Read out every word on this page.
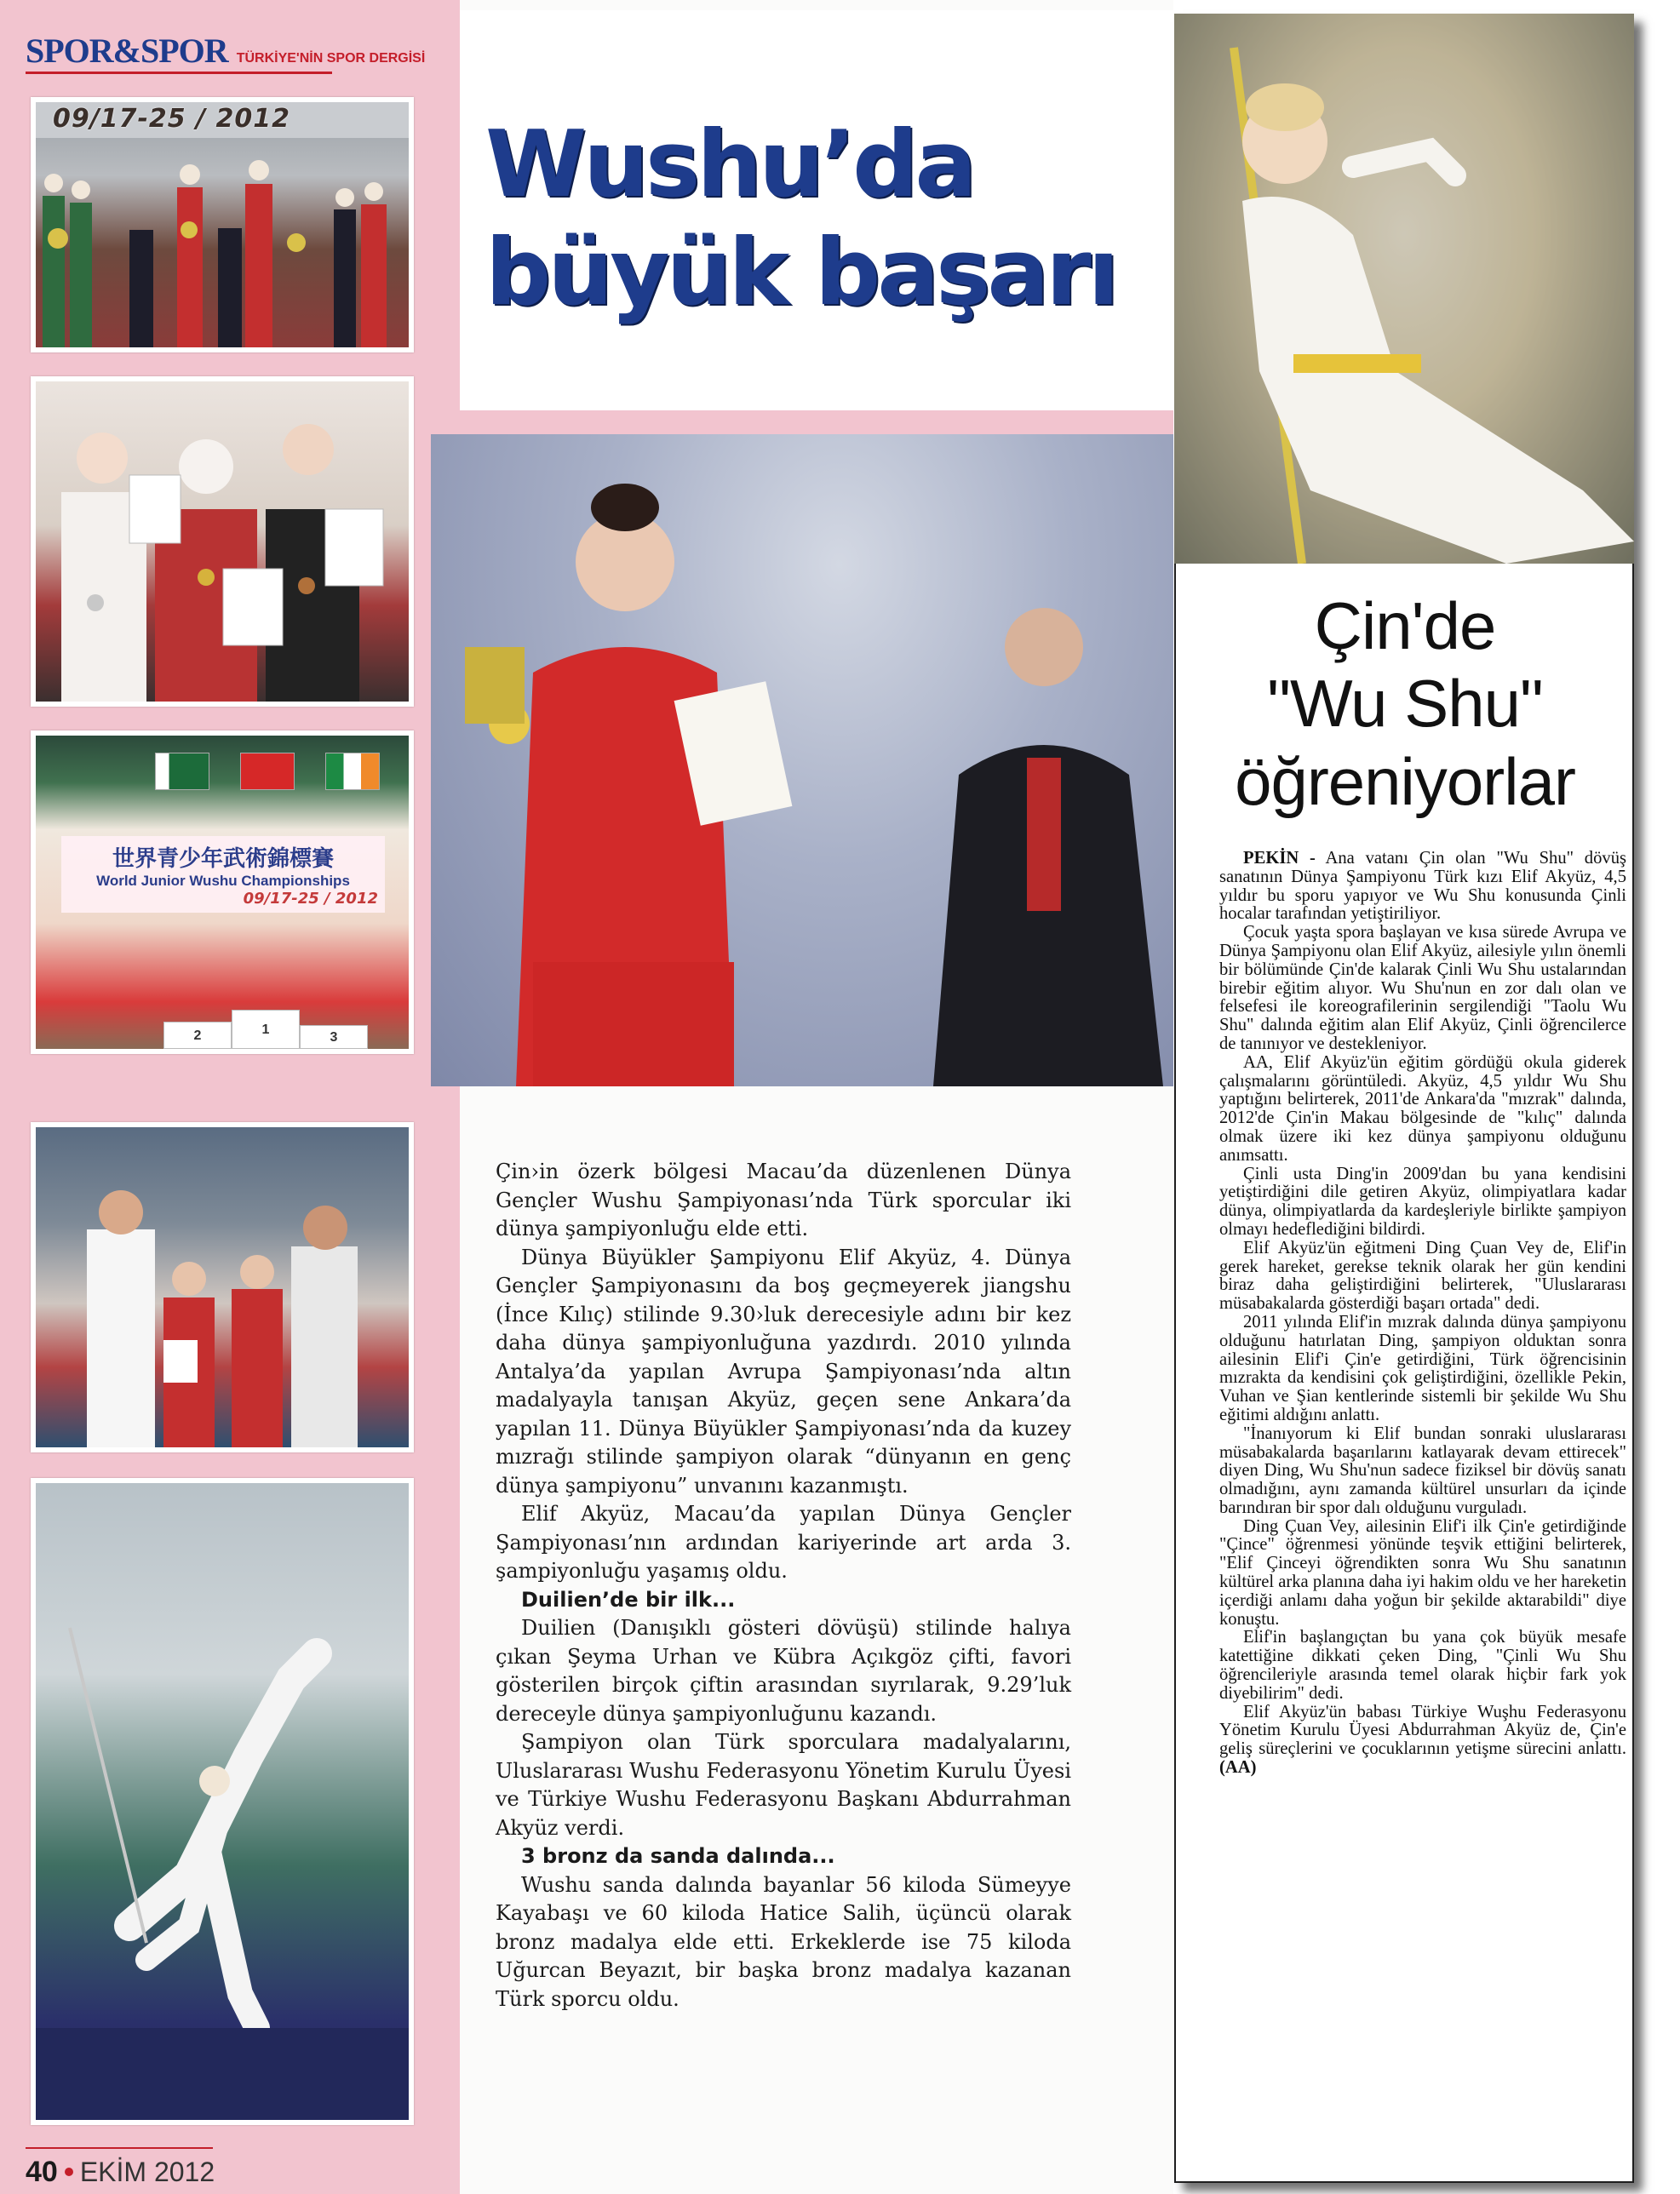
SPOR&SPOR TÜRKİYE'NİN SPOR DERGİSİ
09/17-25 / 2012
世界青少年武術錦標賽
World Junior Wushu Championships
09/17-25 / 2012
2	1
3
Wushu’da
büyük başarı

Çin›in özerk bölgesi Macau’da düzenlenen Dünya Gençler Wushu Şampiyonası’nda Türk sporcular iki dünya şampiyonluğu elde etti.

Dünya Büyükler Şampiyonu Elif Akyüz, 4. Dünya Gençler Şampiyonasını da boş geçmeyerek jiangshu (İnce Kılıç) stilinde 9.30›luk derecesiyle adını bir kez daha dünya şampiyonluğuna yazdırdı. 2010 yılında Antalya’da yapılan Avrupa Şampiyonası’nda altın madalyayla tanışan Akyüz, geçen sene Ankara’da yapılan 11. Dünya Büyükler Şampiyonası’nda da kuzey mızrağı stilinde şampiyon olarak “dünyanın en genç dünya şampiyonu” unvanını kazanmıştı.

Elif Akyüz, Macau’da yapılan Dünya Gençler Şampiyonası’nın ardından kariyerinde art arda 3. şampiyonluğu yaşamış oldu.

Duilien’de bir ilk...

Duilien (Danışıklı gösteri dövüşü) stilinde halıya çıkan Şeyma Urhan ve Kübra Açıkgöz çifti, favori gösterilen birçok çiftin arasından sıyrılarak, 9.29’luk dereceyle dünya şampiyonluğunu kazandı.

Şampiyon olan Türk sporculara madalyalarını, Uluslararası Wushu Federasyonu Yönetim Kurulu Üyesi ve Türkiye Wushu Federasyonu Başkanı Abdurrahman Akyüz verdi.

3 bronz da sanda dalında...

Wushu sanda dalında bayanlar 56 kiloda Sümeyye Kayabaşı ve 60 kiloda Hatice Salih, üçüncü olarak bronz madalya elde etti. Erkeklerde ise 75 kiloda Uğurcan Beyazıt, bir başka bronz madalya kazanan Türk sporcu oldu.

40 EKİM 2012
Çin'de
"Wu Shu"
öğreniyorlar

PEKİN - Ana vatanı Çin olan "Wu Shu" dövüş sanatının Dünya Şampiyonu Türk kızı Elif Akyüz, 4,5 yıldır bu sporu yapıyor ve Wu Shu konusunda Çinli hocalar tarafından yetiştiriliyor.

Çocuk yaşta spora başlayan ve kısa sürede Avrupa ve Dünya Şampiyonu olan Elif Akyüz, ailesiyle yılın önemli bir bölümünde Çin'de kalarak Çinli Wu Shu ustalarından birebir eğitim alıyor. Wu Shu'nun en zor dalı olan ve felsefesi ile koreografilerinin sergilendiği "Taolu Wu Shu" dalında eğitim alan Elif Akyüz, Çinli öğrencilerce de tanınıyor ve destekleniyor.

AA, Elif Akyüz'ün eğitim gördüğü okula giderek çalışmalarını görüntüledi. Akyüz, 4,5 yıldır Wu Shu yaptığını belirterek, 2011'de Ankara'da "mızrak" dalında, 2012'de Çin'in Makau bölgesinde de "kılıç" dalında olmak üzere iki kez dünya şampiyonu olduğunu anımsattı.

Çinli usta Ding'in 2009'dan bu yana kendisini yetiştirdiğini dile getiren Akyüz, olimpiyatlara kadar dünya, olimpiyatlarda da kardeşleriyle birlikte şampiyon olmayı hedeflediğini bildirdi.

Elif Akyüz'ün eğitmeni Ding Çuan Vey de, Elif'in gerek hareket, gerekse teknik olarak her gün kendini biraz daha geliştirdiğini belirterek, "Uluslararası müsabakalarda gösterdiği başarı ortada" dedi.

2011 yılında Elif'in mızrak dalında dünya şampiyonu olduğunu hatırlatan Ding, şampiyon olduktan sonra ailesinin Elif'i Çin'e getirdiğini, Türk öğrencisinin mızrakta da kendisini çok geliştirdiğini, özellikle Pekin, Vuhan ve Şian kentlerinde sistemli bir şekilde Wu Shu eğitimi aldığını anlattı.

"İnanıyorum ki Elif bundan sonraki uluslararası müsabakalarda başarılarını katlayarak devam ettirecek" diyen Ding, Wu Shu'nun sadece fiziksel bir dövüş sanatı olmadığını, aynı zamanda kültürel unsurları da içinde barındıran bir spor dalı olduğunu vurguladı.

Ding Çuan Vey, ailesinin Elif'i ilk Çin'e getirdiğinde "Çince" öğrenmesi yönünde teşvik ettiğini belirterek, "Elif Çinceyi öğrendikten sonra Wu Shu sanatının kültürel arka planına daha iyi hakim oldu ve her hareketin içerdiği anlamı daha yoğun bir şekilde aktarabildi" diye konuştu.

Elif'in başlangıçtan bu yana çok büyük mesafe katettiğine dikkati çeken Ding, "Çinli Wu Shu öğrencileriyle arasında temel olarak hiçbir fark yok diyebilirim" dedi.

Elif Akyüz'ün babası Türkiye Wuşhu Federasyonu Yönetim Kurulu Üyesi Abdurrahman Akyüz de, Çin'e geliş süreçlerini ve çocuklarının yetişme sürecini anlattı. (AA)
